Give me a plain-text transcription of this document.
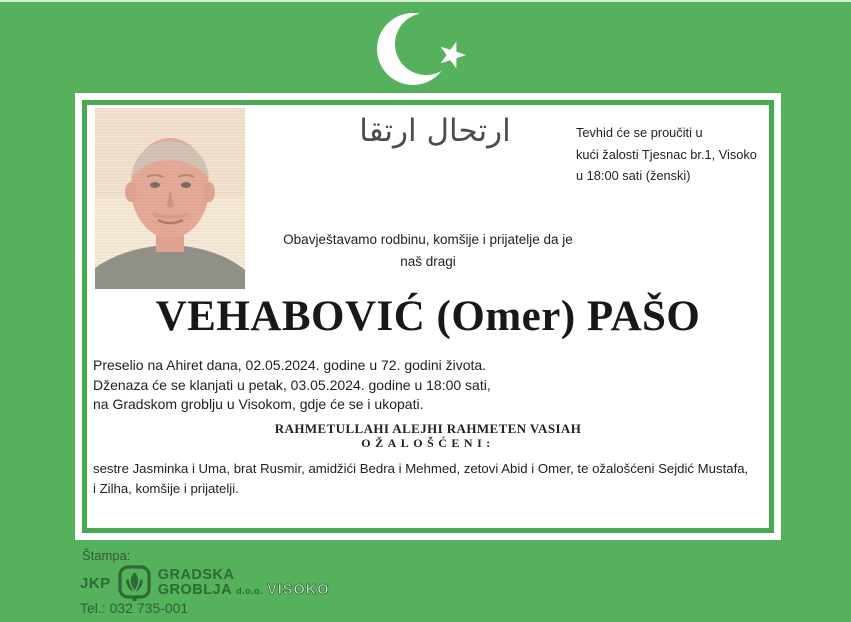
ارتحال ارتقا	Tevhid će se proučiti u
kući žalosti Tjesnac br.1, Visoko
u 18:00 sati (ženski)
Obavještavamo rodbinu, komšije i prijatelje da je
naš dragi
VEHABOVIĆ (Omer) PAŠO
Preselio na Ahiret dana, 02.05.2024. godine u 72. godini života.
Dženaza će se klanjati u petak, 03.05.2024. godine u 18:00 sati,
na Gradskom groblju u Visokom, gdje će se i ukopati.
RAHMETULLAHI ALEJHI RAHMETEN VASIAH
OŽALOŠĆENI:
sestre Jasminka i Uma, brat Rusmir, amidžići Bedra i Mehmed, zetovi Abid i Omer, te ožalošćeni Sejdić Mustafa,
i Zilha, komšije i prijatelji.
Štampa:
JKP	GRADSKA
GROBLJA d.o.o. VISOKO
Tel.: 032 735-001
